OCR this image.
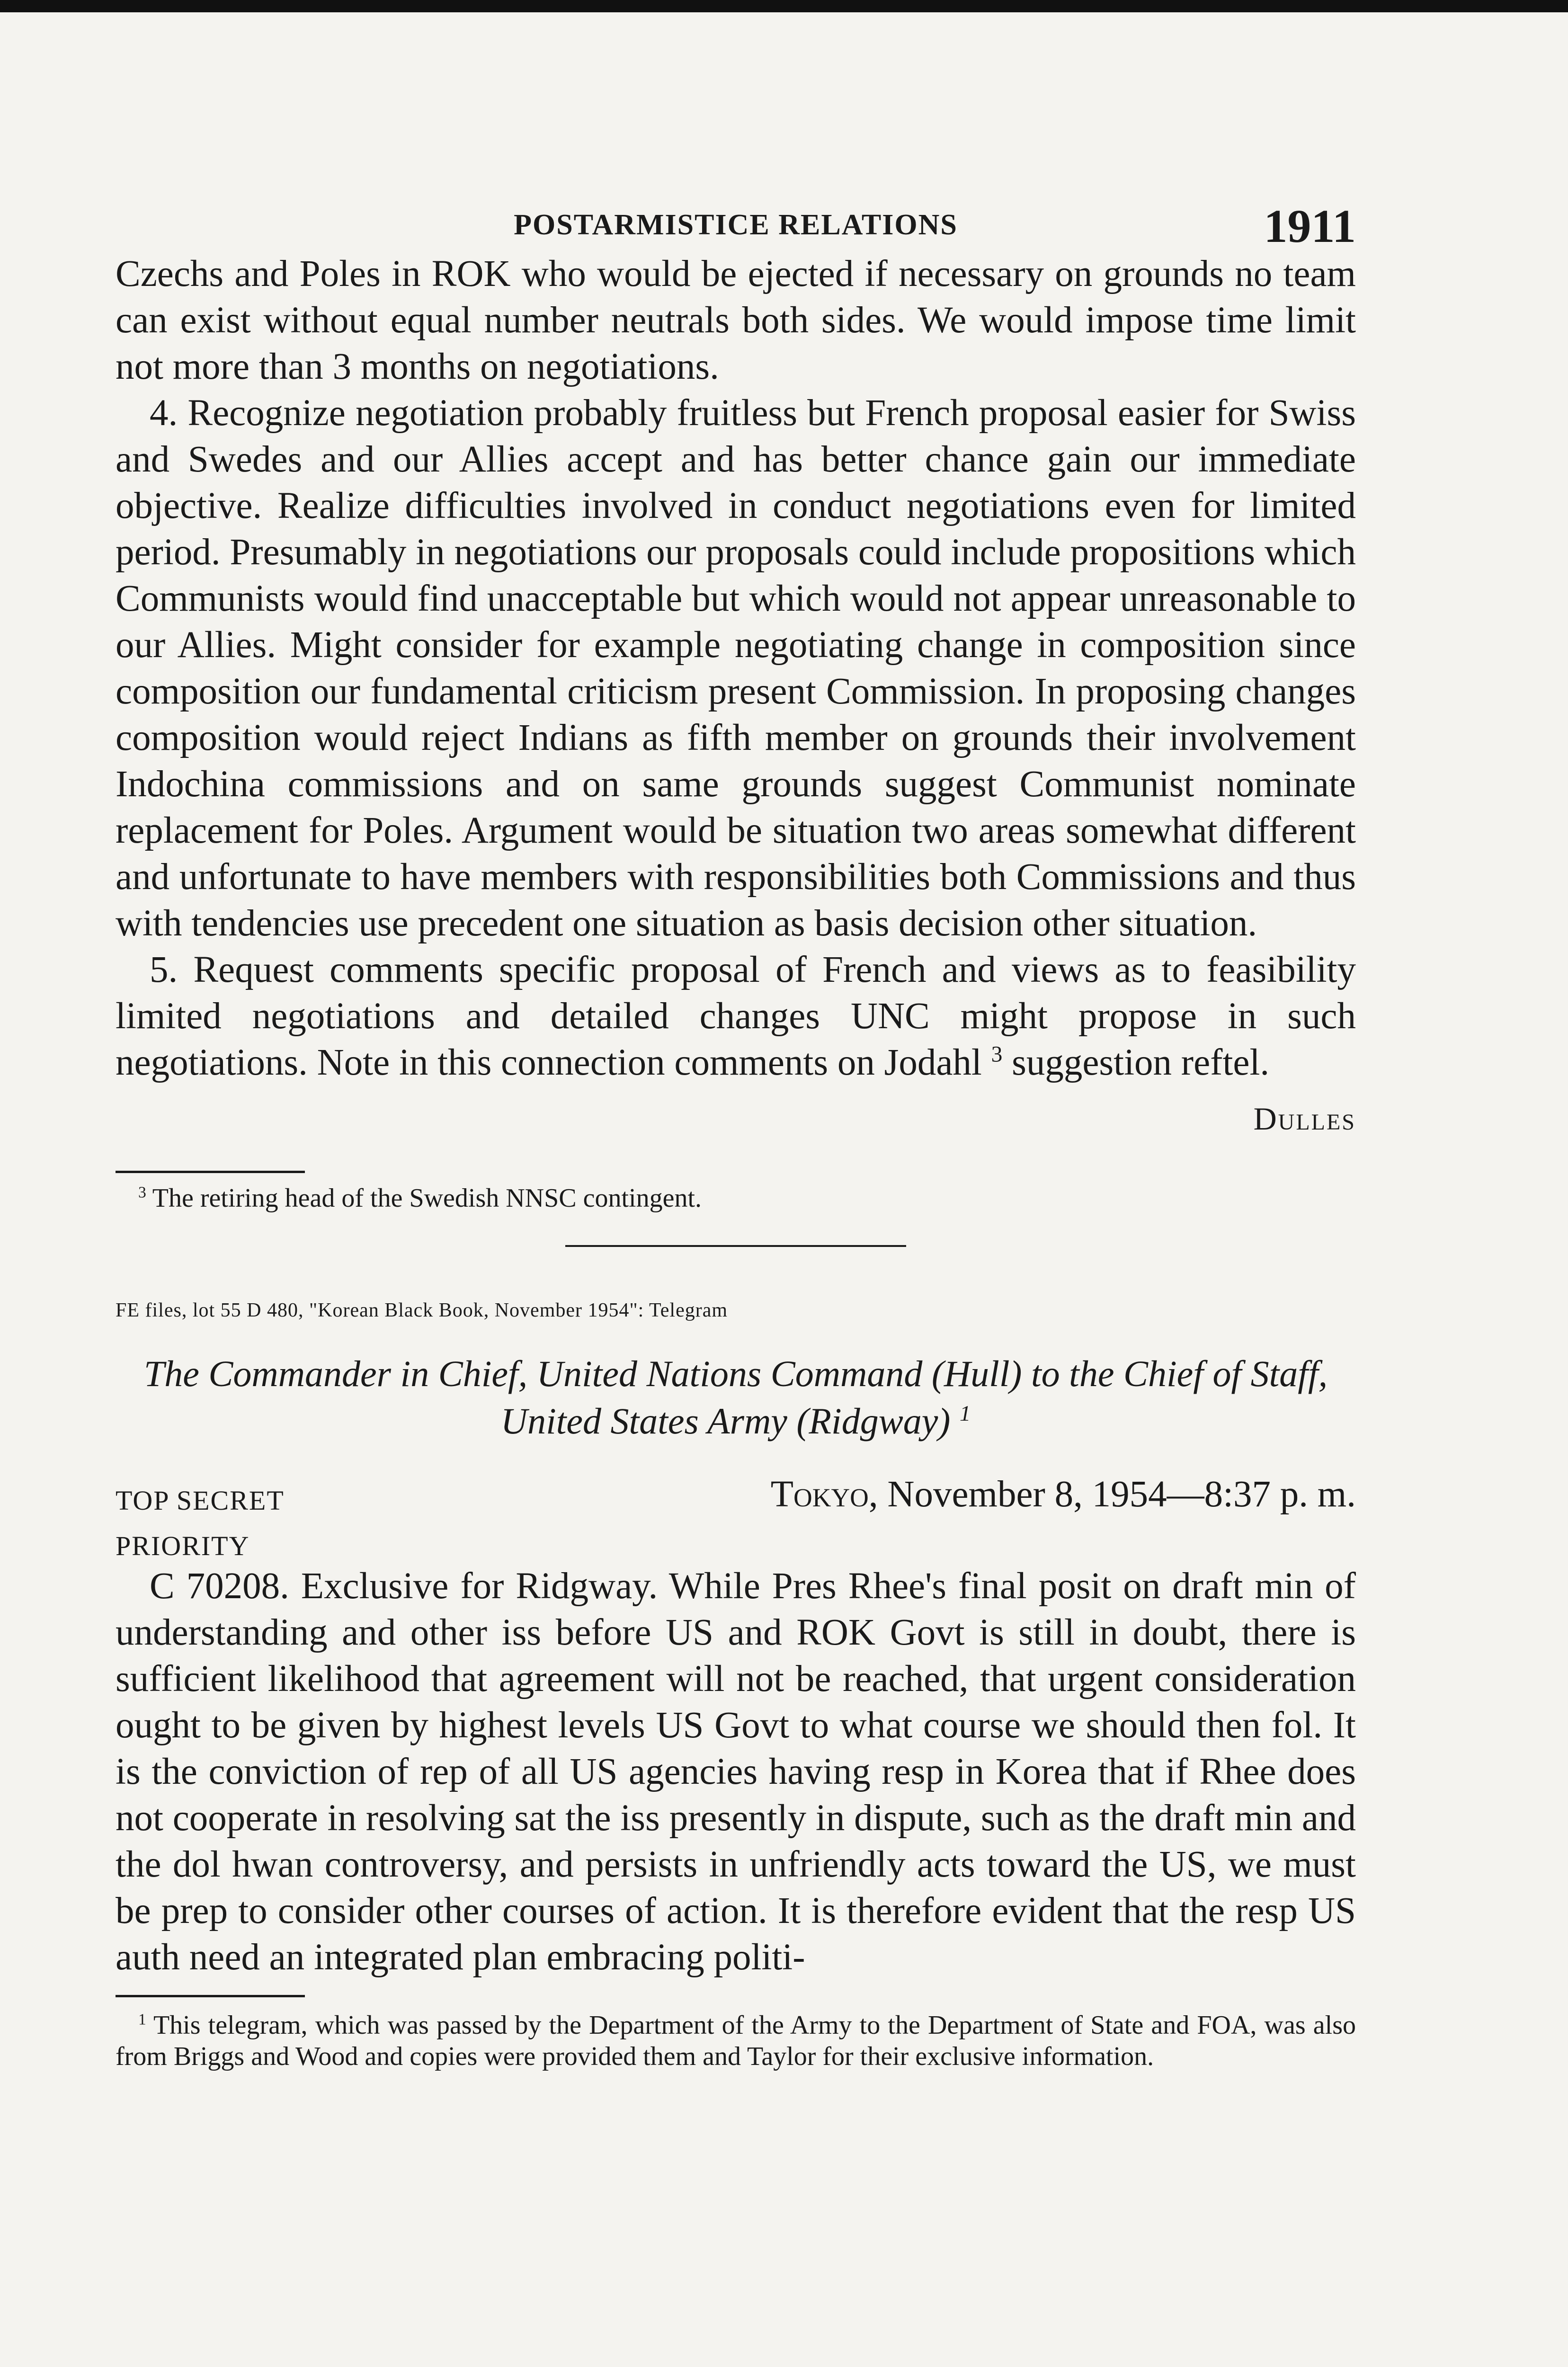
POSTARMISTICE RELATIONS	1911

Czechs and Poles in ROK who would be ejected if necessary on grounds no team can exist without equal number neutrals both sides. We would impose time limit not more than 3 months on negotiations.

4. Recognize negotiation probably fruitless but French proposal easier for Swiss and Swedes and our Allies accept and has better chance gain our immediate objective. Realize difficulties involved in conduct negotiations even for limited period. Presumably in negotiations our proposals could include propositions which Communists would find unacceptable but which would not appear unreasonable to our Allies. Might consider for example negotiating change in composition since composition our fundamental criticism present Commission. In proposing changes composition would reject Indians as fifth member on grounds their involvement Indochina commissions and on same grounds suggest Communist nominate replacement for Poles. Argument would be situation two areas somewhat different and unfortunate to have members with responsibilities both Commissions and thus with tendencies use precedent one situation as basis decision other situation.

5. Request comments specific proposal of French and views as to feasibility limited negotiations and detailed changes UNC might propose in such negotiations. Note in this connection comments on Jodahl $^3$ suggestion reftel.

Dulles

$^3$ The retiring head of the Swedish NNSC contingent.

FE files, lot 55 D 480, "Korean Black Book, November 1954": Telegram
The Commander in Chief, United Nations Command (Hull) to the Chief of Staff, United States Army (Ridgway) $^1$
TOP SECRET
PRIORITY
Tokyo, November 8, 1954—8:37 p. m.

C 70208. Exclusive for Ridgway. While Pres Rhee's final posit on draft min of understanding and other iss before US and ROK Govt is still in doubt, there is sufficient likelihood that agreement will not be reached, that urgent consideration ought to be given by highest levels US Govt to what course we should then fol. It is the conviction of rep of all US agencies having resp in Korea that if Rhee does not cooperate in resolving sat the iss presently in dispute, such as the draft min and the dol hwan controversy, and persists in unfriendly acts toward the US, we must be prep to consider other courses of action. It is therefore evident that the resp US auth need an integrated plan embracing politi-

$^1$ This telegram, which was passed by the Department of the Army to the Department of State and FOA, was also from Briggs and Wood and copies were provided them and Taylor for their exclusive information.
